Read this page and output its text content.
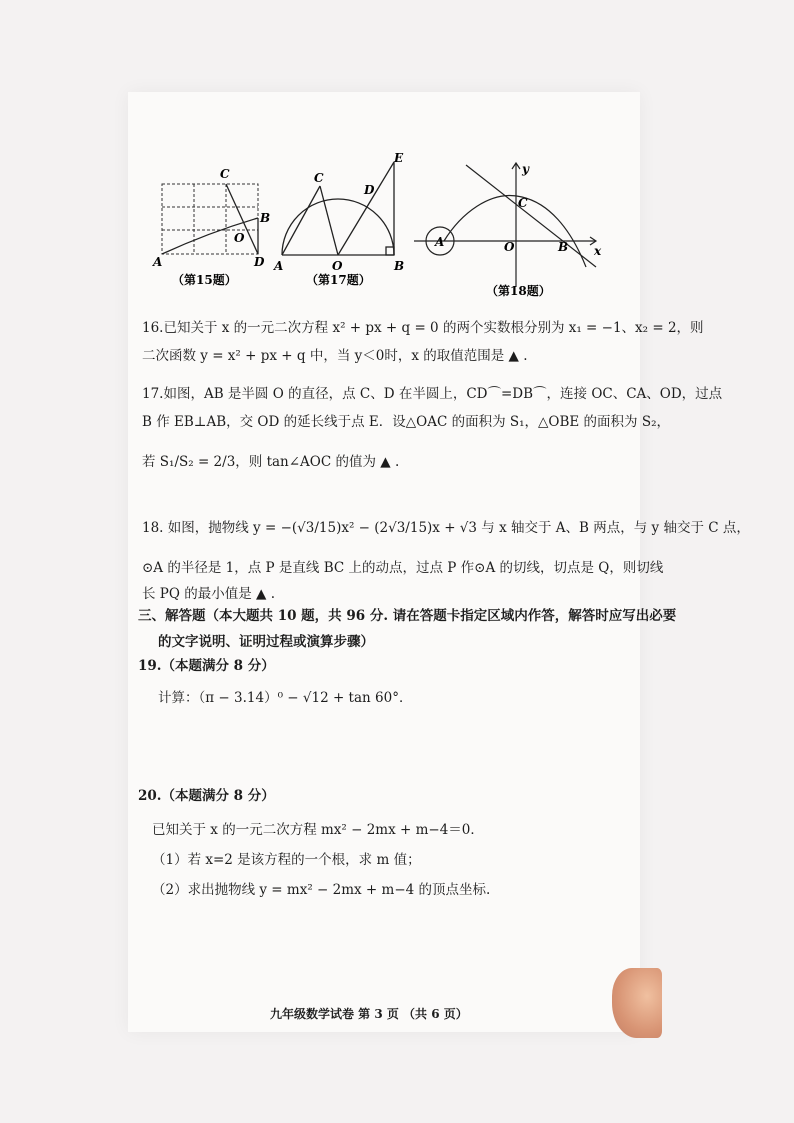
C
B
O
A	D
（第15题）
E
C
D
A	O	B
（第17题）
y
C
A	O	B x
（第18题）
16.已知关于 x 的一元二次方程 x² + px + q = 0 的两个实数根分别为 x₁ = −1、x₂ = 2，则
二次函数 y = x² + px + q 中，当 y＜0时，x 的取值范围是 ▲ .
17.如图，AB 是半圆 O 的直径，点 C、D 在半圆上，CD⌒=DB⌒，连接 OC、CA、OD，过点
B 作 EB⊥AB，交 OD 的延长线于点 E．设△OAC 的面积为 S₁，△OBE 的面积为 S₂，
若 S₁/S₂ = 2/3，则 tan∠AOC 的值为 ▲ .
18. 如图，抛物线 y = −(√3/15)x² − (2√3/15)x + √3 与 x 轴交于 A、B 两点，与 y 轴交于 C 点，
⊙A 的半径是 1，点 P 是直线 BC 上的动点，过点 P 作⊙A 的切线，切点是 Q，则切线
长 PQ 的最小值是 ▲ .
三、解答题（本大题共 10 题，共 96 分. 请在答题卡指定区域内作答，解答时应写出必要
的文字说明、证明过程或演算步骤）
19.（本题满分 8 分）
计算：（π − 3.14）⁰ − √12 + tan 60°．
20.（本题满分 8 分）
已知关于 x 的一元二次方程 mx² − 2mx + m−4＝0．
（1）若 x=2 是该方程的一个根，求 m 值；
（2）求出抛物线 y = mx² − 2mx + m−4 的顶点坐标.
九年级数学试卷 第 3 页 （共 6 页）
